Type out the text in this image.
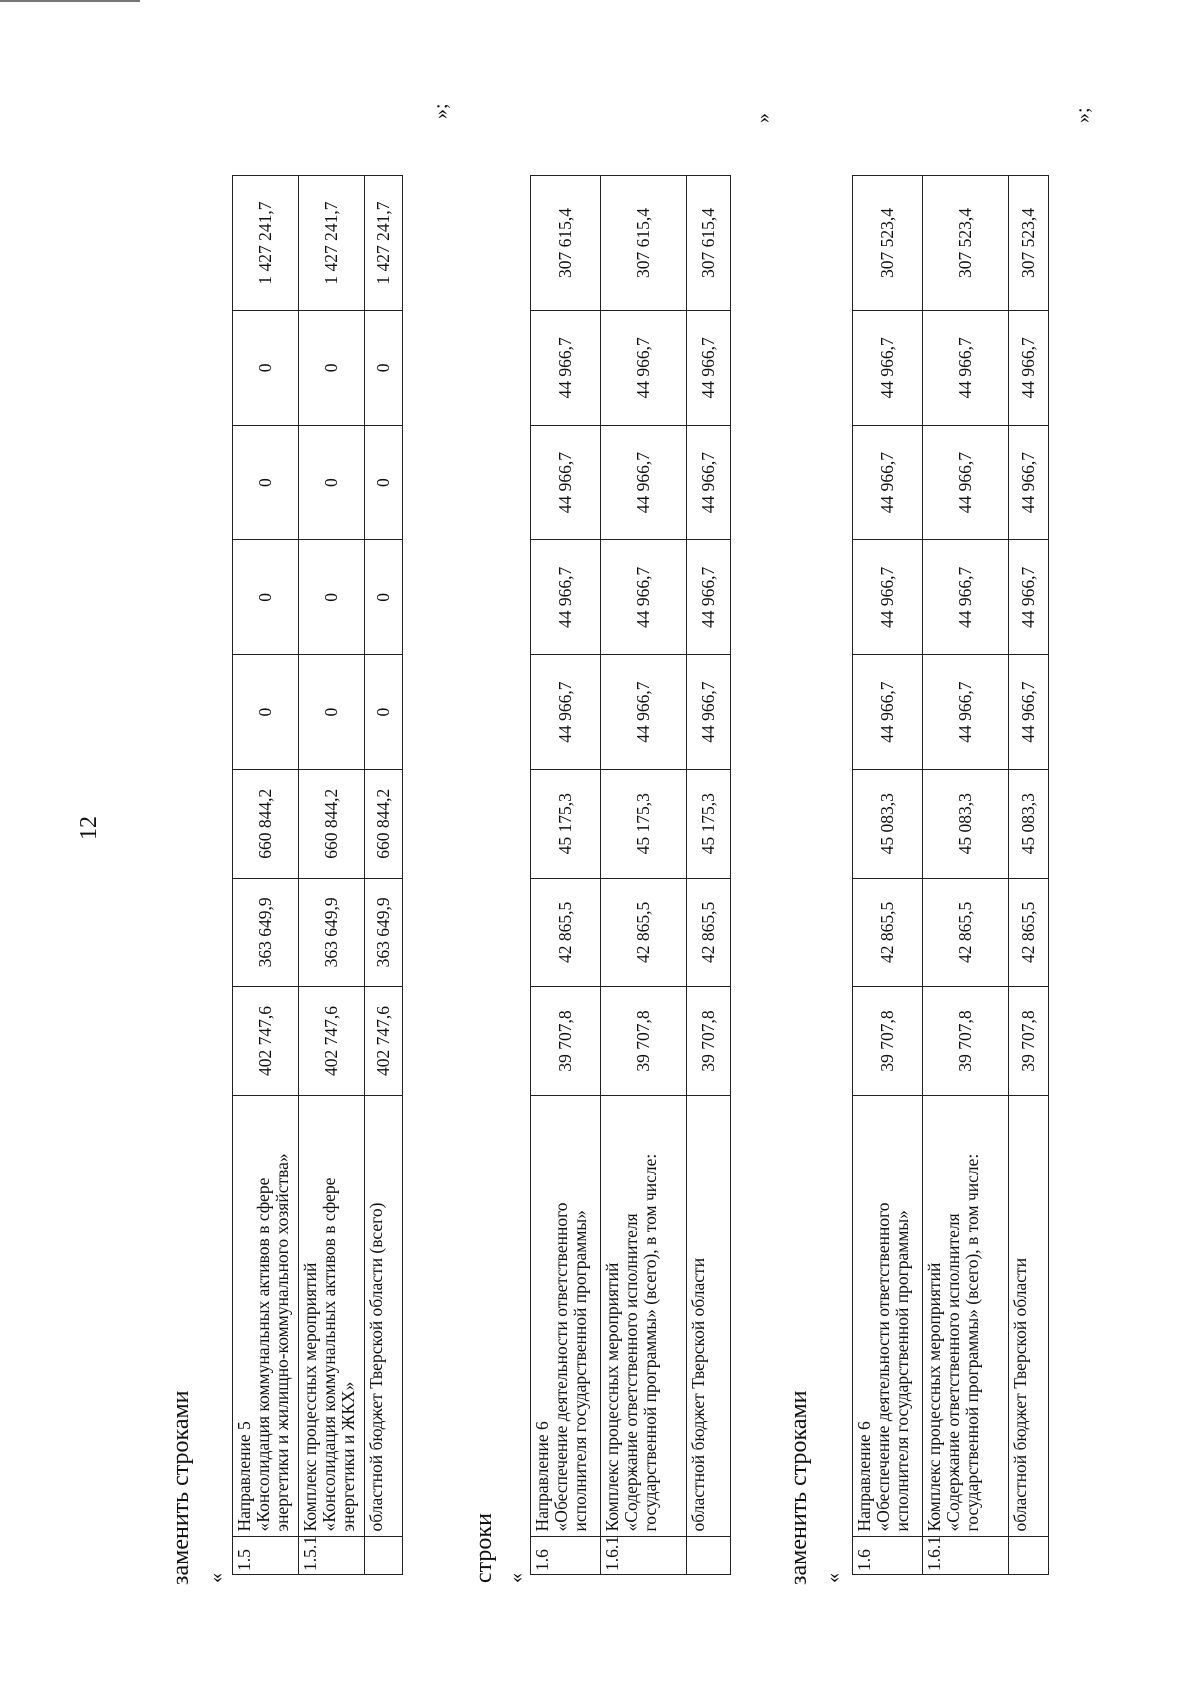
12
заменить строками «
1.5	Направление 5 «Консолидация коммунальных активов в сфере энергетики и жилищно-коммунального хозяйства»	402 747,6	363 649,9	660 844,2	0	0	0	0	1 427 241,7
1.5.1	Комплекс процессных мероприятий «Консолидация коммунальных активов в сфере энергетики и ЖКХ»	402 747,6	363 649,9	660 844,2	0	0	0	0	1 427 241,7

	областной бюджет Тверской области (всего)	402 747,6	363 649,9	660 844,2	0	0	0	0	1 427 241,7
»;
строки «
1.6	Направление 6 «Обеспечение деятельности ответственного исполнителя государственной программы»	39 707,8	42 865,5	45 175,3	44 966,7	44 966,7	44 966,7	44 966,7	307 615,4
1.6.1	Комплекс процессных мероприятий «Содержание ответственного исполнителя государственной программы» (всего), в том числе:	39 707,8	42 865,5	45 175,3	44 966,7	44 966,7	44 966,7	44 966,7	307 615,4

	областной бюджет Тверской области	39 707,8	42 865,5	45 175,3	44 966,7	44 966,7	44 966,7	44 966,7	307 615,4
»
заменить строками «
1.6	Направление 6 «Обеспечение деятельности ответственного исполнителя государственной программы»	39 707,8	42 865,5	45 083,3	44 966,7	44 966,7	44 966,7	44 966,7	307 523,4
1.6.1	Комплекс процессных мероприятий «Содержание ответственного исполнителя государственной программы» (всего), в том числе:	39 707,8	42 865,5	45 083,3	44 966,7	44 966,7	44 966,7	44 966,7	307 523,4

	областной бюджет Тверской области	39 707,8	42 865,5	45 083,3	44 966,7	44 966,7	44 966,7	44 966,7	307 523,4
»;
